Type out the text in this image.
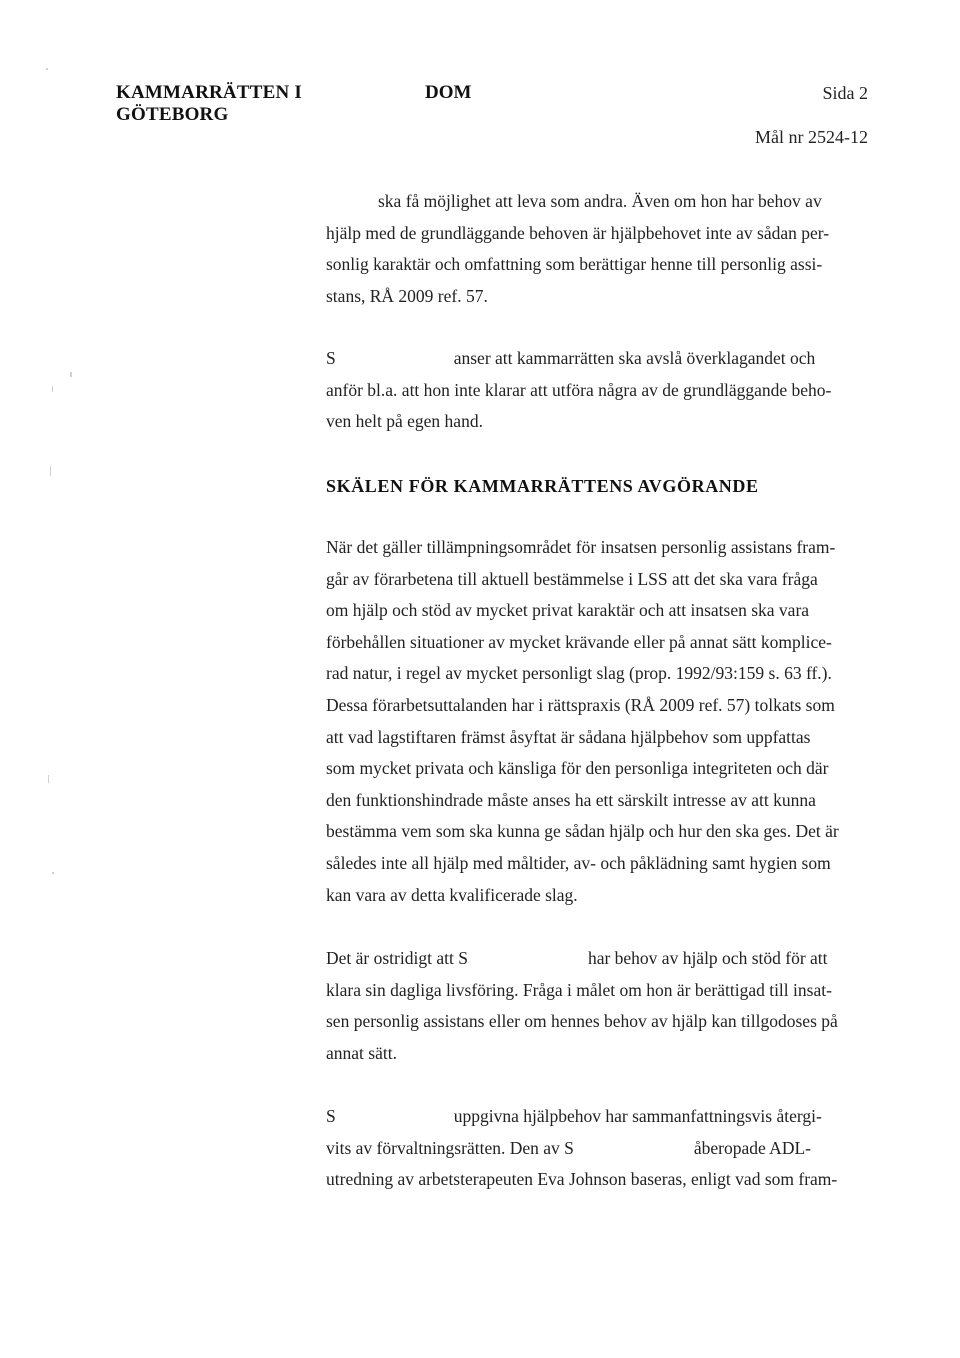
KAMMARRÄTTEN I
GÖTEBORG
DOM	Sida 2
Mål nr 2524-12
ska få möjlighet att leva som andra. Även om hon har behov av
hjälp med de grundläggande behoven är hjälpbehovet inte av sådan per-
sonlig karaktär och omfattning som berättigar henne till personlig assi-
stans, RÅ 2009 ref. 57.
S	anser att kammarrätten ska avslå överklagandet och
anför bl.a. att hon inte klarar att utföra några av de grundläggande beho-
ven helt på egen hand.
SKÄLEN FÖR KAMMARRÄTTENS AVGÖRANDE
När det gäller tillämpningsområdet för insatsen personlig assistans fram-
går av förarbetena till aktuell bestämmelse i LSS att det ska vara fråga
om hjälp och stöd av mycket privat karaktär och att insatsen ska vara
förbehållen situationer av mycket krävande eller på annat sätt komplice-
rad natur, i regel av mycket personligt slag (prop. 1992/93:159 s. 63 ff.).
Dessa förarbetsuttalanden har i rättspraxis (RÅ 2009 ref. 57) tolkats som
att vad lagstiftaren främst åsyftat är sådana hjälpbehov som uppfattas
som mycket privata och känsliga för den personliga integriteten och där
den funktionshindrade måste anses ha ett särskilt intresse av att kunna
bestämma vem som ska kunna ge sådan hjälp och hur den ska ges. Det är
således inte all hjälp med måltider, av- och påklädning samt hygien som
kan vara av detta kvalificerade slag.
Det är ostridigt att S	har behov av hjälp och stöd för att
klara sin dagliga livsföring. Fråga i målet om hon är berättigad till insat-
sen personlig assistans eller om hennes behov av hjälp kan tillgodoses på
annat sätt.
S	uppgivna hjälpbehov har sammanfattningsvis återgi-
vits av förvaltningsrätten. Den av S	åberopade ADL-
utredning av arbetsterapeuten Eva Johnson baseras, enligt vad som fram-
